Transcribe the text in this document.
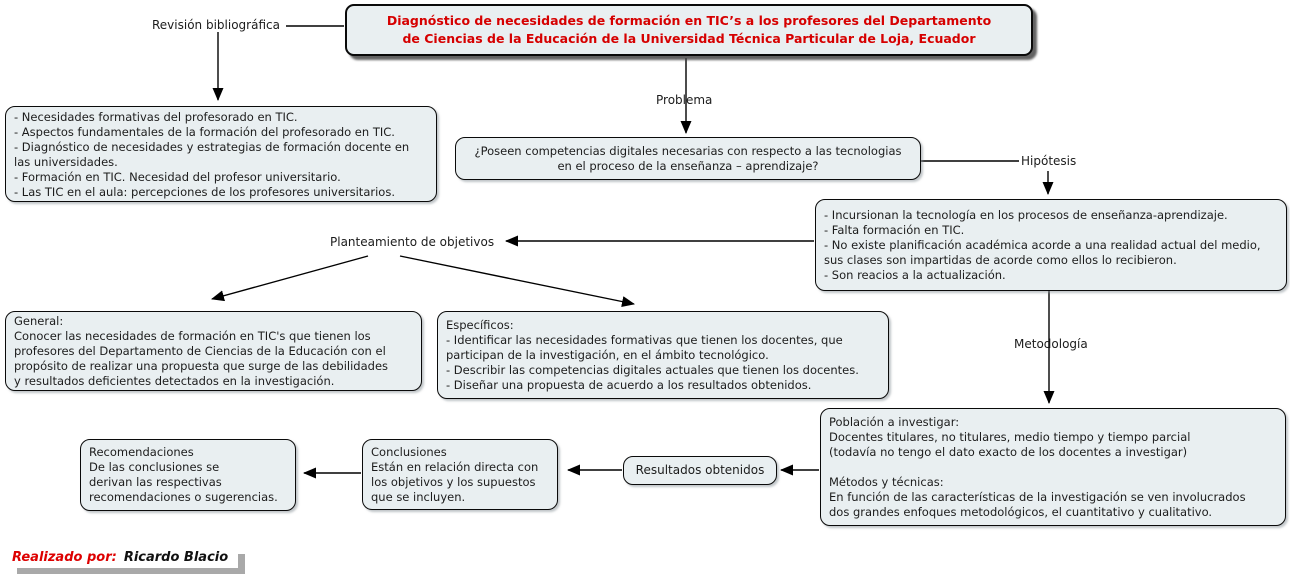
Diagnóstico de necesidades de formación en TIC’s a los profesores del Departamento
de Ciencias de la Educación de la Universidad Técnica Particular de Loja, Ecuador
Revisión bibliográfica
Problema
Hipótesis
Planteamiento de objetivos
Metodología
- Necesidades formativas del profesorado en TIC.
- Aspectos fundamentales de la formación del profesorado en TIC.
- Diagnóstico de necesidades y estrategias de formación docente en
las universidades.
- Formación en TIC. Necesidad del profesor universitario.
- Las TIC en el aula: percepciones de los profesores universitarios.
¿Poseen competencias digitales necesarias con respecto a las tecnologias
en el proceso de la enseñanza – aprendizaje?
- Incursionan la tecnología en los procesos de enseñanza-aprendizaje.
- Falta formación en TIC.
- No existe planificación académica acorde a una realidad actual del medio,
sus clases son impartidas de acorde como ellos lo recibieron.
- Son reacios a la actualización.
General:
Conocer las necesidades de formación en TIC's que tienen los
profesores del Departamento de Ciencias de la Educación con el
propósito de realizar una propuesta que surge de las debilidades
y resultados deficientes detectados en la investigación.
Específicos:
- Identificar las necesidades formativas que tienen los docentes, que
participan de la investigación, en el ámbito tecnológico.
- Describir las competencias digitales actuales que tienen los docentes.
- Diseñar una propuesta de acuerdo a los resultados obtenidos.
Población a investigar:
Docentes titulares, no titulares, medio tiempo y tiempo parcial
(todavía no tengo el dato exacto de los docentes a investigar)
Métodos y técnicas:
En función de las características de la investigación se ven involucrados
dos grandes enfoques metodológicos, el cuantitativo y cualitativo.
Resultados obtenidos
Conclusiones
Están en relación directa con
los objetivos y los supuestos
que se incluyen.
Recomendaciones
De las conclusiones se
derivan las respectivas
recomendaciones o sugerencias.
Realizado por: Ricardo Blacio
